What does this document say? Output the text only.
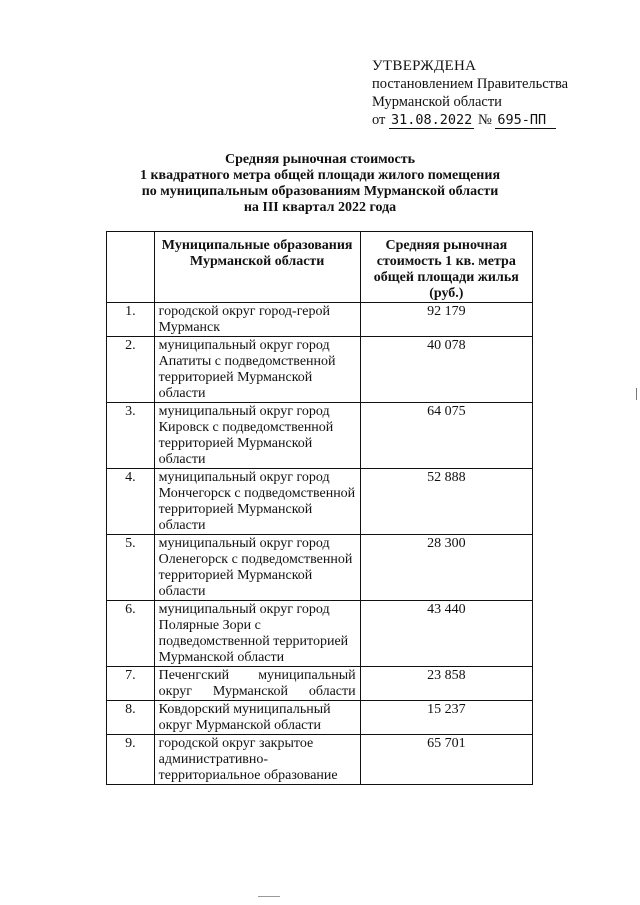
УТВЕРЖДЕНА
постановлением Правительства
Мурманской области
от 31.08.2022 № 695-ПП
Средняя рыночная стоимость
1 квадратного метра общей площади жилого помещения
по муниципальным образованиям Мурманской области
на III квартал 2022 года
	Муниципальные образования Мурманской области	Средняя рыночная стоимость 1 кв. метра общей площади жилья (руб.)
1.	городской округ город-герой Мурманск	92 179
2.	муниципальный округ город Апатиты с подведомственной территорией Мурманской области	40 078
3.	муниципальный округ город Кировск с подведомственной территорией Мурманской области	64 075
4.	муниципальный округ город Мончегорск с подведомственной территорией Мурманской области	52 888
5.	муниципальный округ город Оленегорск с подведомственной территорией Мурманской области	28 300
6.	муниципальный округ город Полярные Зори с подведомственной территорией Мурманской области	43 440
7.	Печенгский муниципальный округ Мурманской области	23 858
8.	Ковдорский муниципальный округ Мурманской области	15 237
9.	городской округ закрытое административно-территориальное образование	65 701
